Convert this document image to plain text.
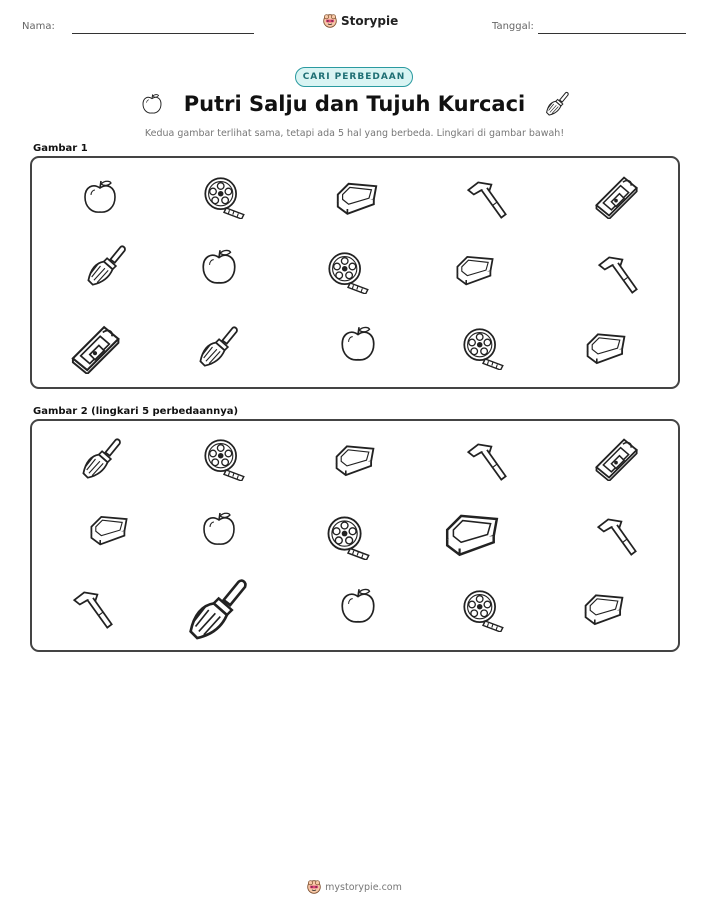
Nama:	Storypie	Tanggal:
CARI PERBEDAAN
Putri Salju dan Tujuh Kurcaci
Kedua gambar terlihat sama, tetapi ada 5 hal yang berbeda. Lingkari di gambar bawah!
Gambar 1
Gambar 2 (lingkari 5 perbedaannya)
mystorypie.com
